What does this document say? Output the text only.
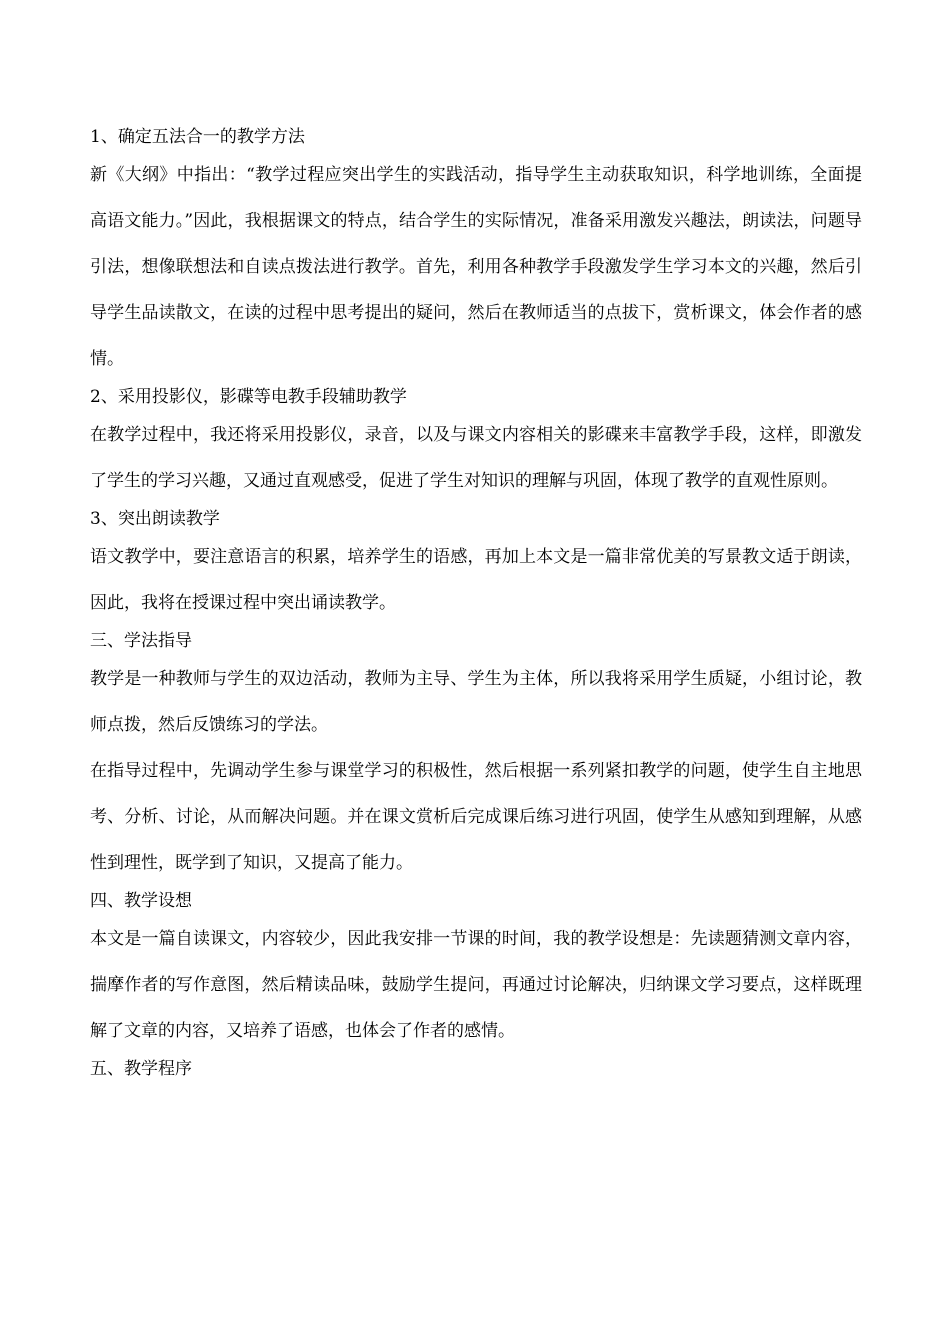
1、确定五法合一的教学方法

新《大纲》中指出：“教学过程应突出学生的实践活动，指导学生主动获取知识，科学地训练，全面提高语文能力。”因此，我根据课文的特点，结合学生的实际情况，准备采用激发兴趣法，朗读法，问题导引法，想像联想法和自读点拨法进行教学。首先，利用各种教学手段激发学生学习本文的兴趣，然后引导学生品读散文，在读的过程中思考提出的疑问，然后在教师适当的点拔下，赏析课文，体会作者的感情。

2、采用投影仪，影碟等电教手段辅助教学

在教学过程中，我还将采用投影仪，录音，以及与课文内容相关的影碟来丰富教学手段，这样，即激发了学生的学习兴趣，又通过直观感受，促进了学生对知识的理解与巩固，体现了教学的直观性原则。

3、突出朗读教学

语文教学中，要注意语言的积累，培养学生的语感，再加上本文是一篇非常优美的写景教文适于朗读，因此，我将在授课过程中突出诵读教学。

三、学法指导

教学是一种教师与学生的双边活动，教师为主导、学生为主体，所以我将采用学生质疑，小组讨论，教师点拨，然后反馈练习的学法。

在指导过程中，先调动学生参与课堂学习的积极性，然后根据一系列紧扣教学的问题，使学生自主地思考、分析、讨论，从而解决问题。并在课文赏析后完成课后练习进行巩固，使学生从感知到理解，从感性到理性，既学到了知识，又提高了能力。

四、教学设想

本文是一篇自读课文，内容较少，因此我安排一节课的时间，我的教学设想是：先读题猜测文章内容，揣摩作者的写作意图，然后精读品味，鼓励学生提问，再通过讨论解决，归纳课文学习要点，这样既理解了文章的内容，又培养了语感，也体会了作者的感情。

五、教学程序
